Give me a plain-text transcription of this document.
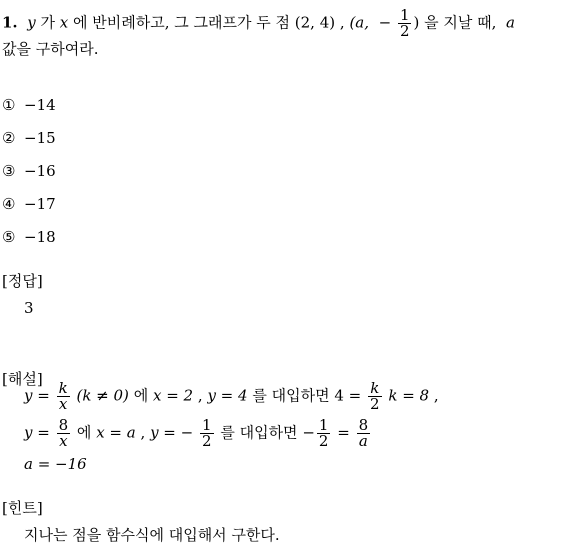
1. y 가 x 에 반비례하고, 그 그래프가 두 점 (2, 4) , (a, − $\frac{1}{2}$ ) 을 지날 때, a
값을 구하여라.
① −14
② −15
③ −16
④ −17
⑤ −18
[정답]
3
[해설]
$y = \frac{k}{x} (k \ne 0)$ 에 x = 2 , y = 4 를 대입하면 $4 = \frac{k}{2}$ k = 8 ,
$y = \frac{8}{x}$ 에 x = a , y = − $\frac{1}{2}$ 를 대입하면 − $\frac{1}{2} = \frac{8}{a}$
a = −16
[힌트]
지나는 점을 함수식에 대입해서 구한다.
